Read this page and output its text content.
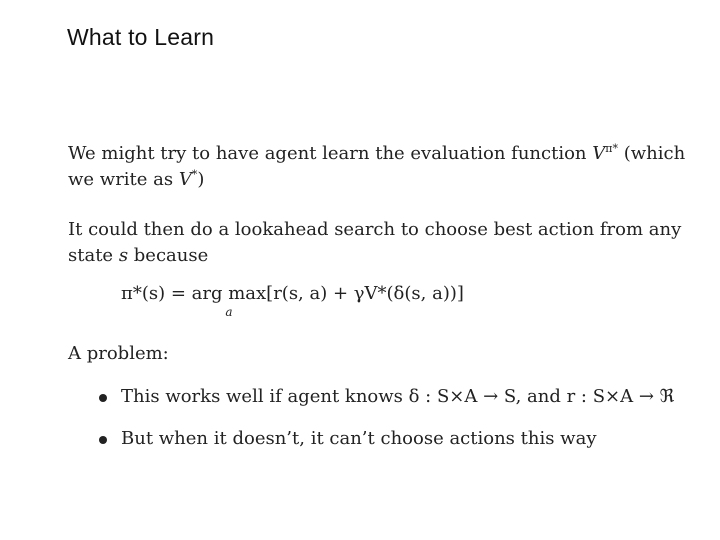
What to Learn

We might try to have agent learn the evaluation function $V^{\pi*}$ (which we write as V*)

It could then do a lookahead search to choose best action from any state s because

π*(s) = arg max
a
[r(s, a) + γV*(δ(s, a))]

A problem:

This works well if agent knows δ : S×A → S, and r : S×A → ℜ
But when it doesn’t, it can’t choose actions this way
